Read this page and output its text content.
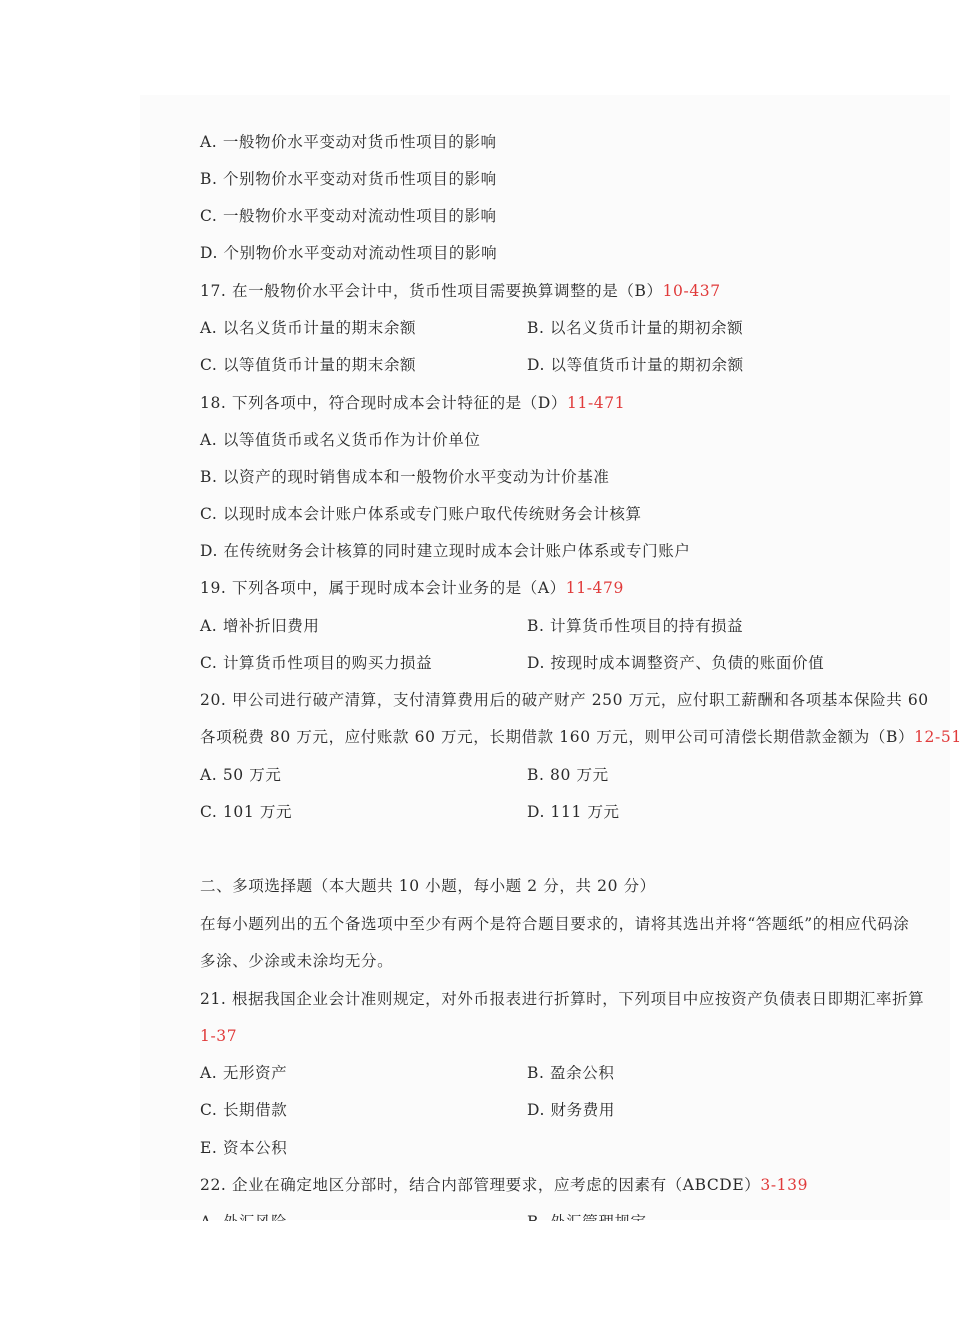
A. 一般物价水平变动对货币性项目的影响
B. 个别物价水平变动对货币性项目的影响
C. 一般物价水平变动对流动性项目的影响
D. 个别物价水平变动对流动性项目的影响
17. 在一般物价水平会计中，货币性项目需要换算调整的是（B）10-437
A. 以名义货币计量的期末余额	B. 以名义货币计量的期初余额
C. 以等值货币计量的期末余额	D. 以等值货币计量的期初余额
18. 下列各项中，符合现时成本会计特征的是（D）11-471
A. 以等值货币或名义货币作为计价单位
B. 以资产的现时销售成本和一般物价水平变动为计价基准
C. 以现时成本会计账户体系或专门账户取代传统财务会计核算
D. 在传统财务会计核算的同时建立现时成本会计账户体系或专门账户
19. 下列各项中，属于现时成本会计业务的是（A）11-479
A. 增补折旧费用	B. 计算货币性项目的持有损益
C. 计算货币性项目的购买力损益	D. 按现时成本调整资产、负债的账面价值
20. 甲公司进行破产清算，支付清算费用后的破产财产 250 万元，应付职工薪酬和各项基本保险共 60
各项税费 80 万元，应付账款 60 万元，长期借款 160 万元，则甲公司可清偿长期借款金额为（B）12-51
A. 50 万元	B. 80 万元
C. 101 万元	D. 111 万元
二、多项选择题（本大题共 10 小题，每小题 2 分，共 20 分）
在每小题列出的五个备选项中至少有两个是符合题目要求的，请将其选出并将“答题纸”的相应代码涂
多涂、少涂或未涂均无分。
21. 根据我国企业会计准则规定，对外币报表进行折算时，下列项目中应按资产负债表日即期汇率折算
1-37
A. 无形资产	B. 盈余公积
C. 长期借款	D. 财务费用
E. 资本公积
22. 企业在确定地区分部时，结合内部管理要求，应考虑的因素有（ABCDE）3-139
